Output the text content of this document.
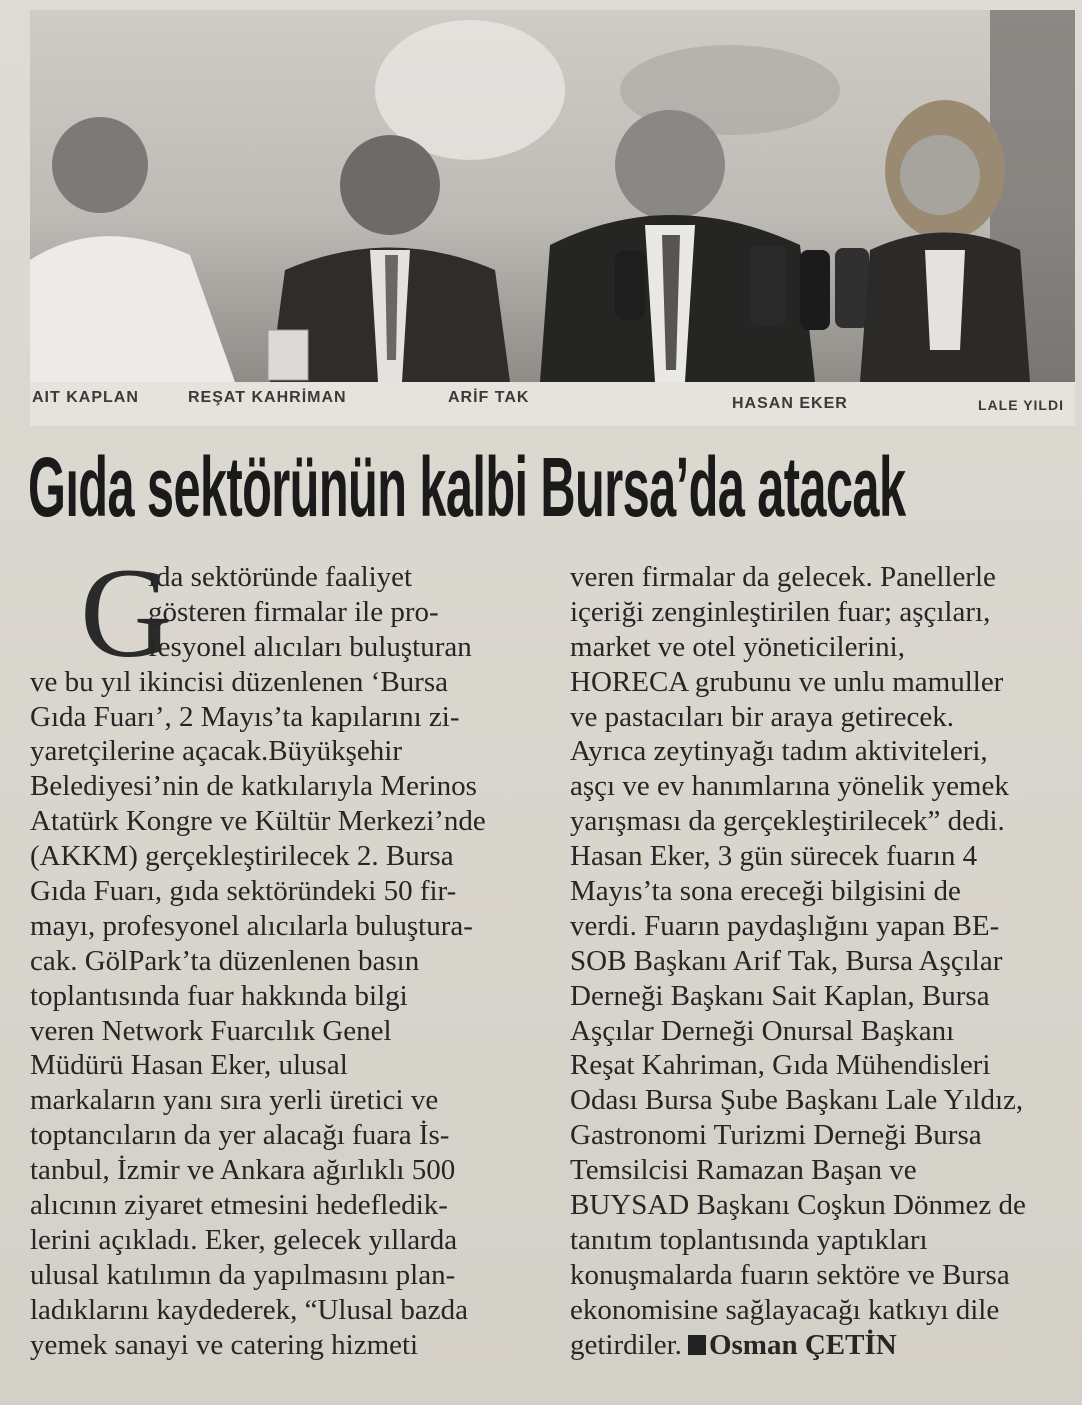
AIT KAPLAN	REŞAT KAHRİMAN	ARİF TAK	HASAN EKER	LALE YILDI
Gıda sektörünün kalbi Bursa’da atacak
G
ıda sektöründe faaliyet
gösteren firmalar ile pro-
fesyonel alıcıları buluşturan
ve bu yıl ikincisi düzenlenen ‘Bursa
Gıda Fuarı’, 2 Mayıs’ta kapılarını zi-
yaretçilerine açacak.Büyükşehir
Belediyesi’nin de katkılarıyla Merinos
Atatürk Kongre ve Kültür Merkezi’nde
(AKKM) gerçekleştirilecek 2. Bursa
Gıda Fuarı, gıda sektöründeki 50 fir-
mayı, profesyonel alıcılarla buluştura-
cak. GölPark’ta düzenlenen basın
toplantısında fuar hakkında bilgi
veren Network Fuarcılık Genel
Müdürü Hasan Eker, ulusal
markaların yanı sıra yerli üretici ve
toptancıların da yer alacağı fuara İs-
tanbul, İzmir ve Ankara ağırlıklı 500
alıcının ziyaret etmesini hedefledik-
lerini açıkladı. Eker, gelecek yıllarda
ulusal katılımın da yapılmasını plan-
ladıklarını kaydederek, “Ulusal bazda
yemek sanayi ve catering hizmeti
veren firmalar da gelecek. Panellerle
içeriği zenginleştirilen fuar; aşçıları,
market ve otel yöneticilerini,
HORECA grubunu ve unlu mamuller
ve pastacıları bir araya getirecek.
Ayrıca zeytinyağı tadım aktiviteleri,
aşçı ve ev hanımlarına yönelik yemek
yarışması da gerçekleştirilecek” dedi.
Hasan Eker, 3 gün sürecek fuarın 4
Mayıs’ta sona ereceği bilgisini de
verdi. Fuarın paydaşlığını yapan BE-
SOB Başkanı Arif Tak, Bursa Aşçılar
Derneği Başkanı Sait Kaplan, Bursa
Aşçılar Derneği Onursal Başkanı
Reşat Kahriman, Gıda Mühendisleri
Odası Bursa Şube Başkanı Lale Yıldız,
Gastronomi Turizmi Derneği Bursa
Temsilcisi Ramazan Başan ve
BUYSAD Başkanı Coşkun Dönmez de
tanıtım toplantısında yaptıkları
konuşmalarda fuarın sektöre ve Bursa
ekonomisine sağlayacağı katkıyı dile
getirdiler. Osman ÇETİN
